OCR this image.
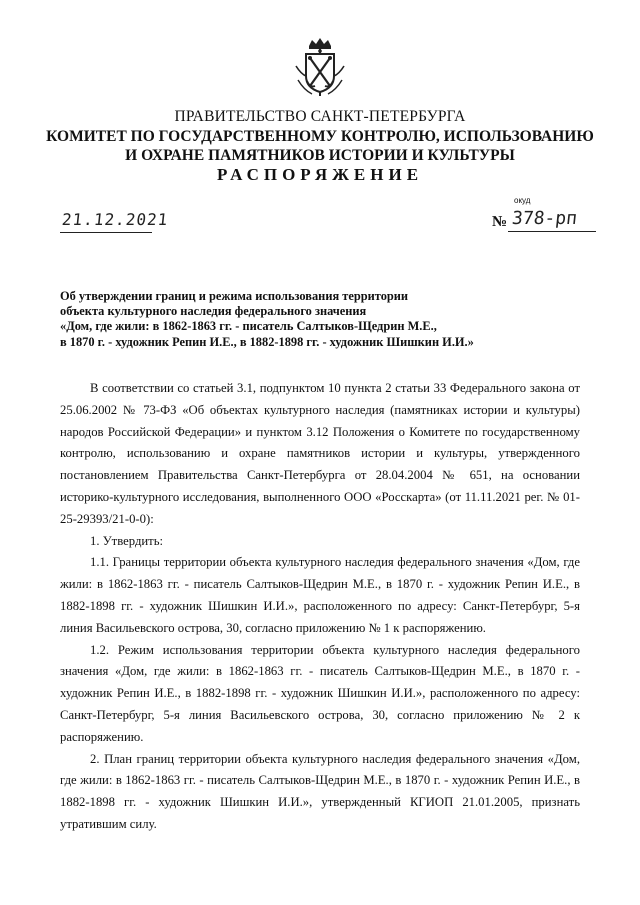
ПРАВИТЕЛЬСТВО САНКТ-ПЕТЕРБУРГА
КОМИТЕТ ПО ГОСУДАРСТВЕННОМУ КОНТРОЛЮ, ИСПОЛЬЗОВАНИЮ
И ОХРАНЕ ПАМЯТНИКОВ ИСТОРИИ И КУЛЬТУРЫ
РАСПОРЯЖЕНИЕ
окуд
21.12.2021	№ 378-рп
Об утверждении границ и режима использования территории
объекта культурного наследия федерального значения
«Дом, где жили: в 1862-1863 гг. - писатель Салтыков-Щедрин М.Е.,
в 1870 г. - художник Репин И.Е., в 1882-1898 гг. - художник Шишкин И.И.»

В соответствии со статьей 3.1, подпунктом 10 пункта 2 статьи 33 Федерального закона от 25.06.2002 № 73-ФЗ «Об объектах культурного наследия (памятниках истории и культуры) народов Российской Федерации» и пунктом 3.12 Положения о Комитете по государственному контролю, использованию и охране памятников истории и культуры, утвержденного постановлением Правительства Санкт-Петербурга от 28.04.2004 № 651, на основании историко-культурного исследования, выполненного ООО «Росскарта» (от 11.11.2021 рег. № 01-25-29393/21-0-0):

1. Утвердить:

1.1. Границы территории объекта культурного наследия федерального значения «Дом, где жили: в 1862-1863 гг. - писатель Салтыков-Щедрин М.Е., в 1870 г. - художник Репин И.Е., в 1882-1898 гг. - художник Шишкин И.И.», расположенного по адресу: Санкт-Петербург, 5-я линия Васильевского острова, 30, согласно приложению № 1 к распоряжению.

1.2. Режим использования территории объекта культурного наследия федерального значения «Дом, где жили: в 1862-1863 гг. - писатель Салтыков-Щедрин М.Е., в 1870 г. - художник Репин И.Е., в 1882-1898 гг. - художник Шишкин И.И.», расположенного по адресу: Санкт-Петербург, 5-я линия Васильевского острова, 30, согласно приложению № 2 к распоряжению.

2. План границ территории объекта культурного наследия федерального значения «Дом, где жили: в 1862-1863 гг. - писатель Салтыков-Щедрин М.Е., в 1870 г. - художник Репин И.Е., в 1882-1898 гг. - художник Шишкин И.И.», утвержденный КГИОП 21.01.2005, признать утратившим силу.
